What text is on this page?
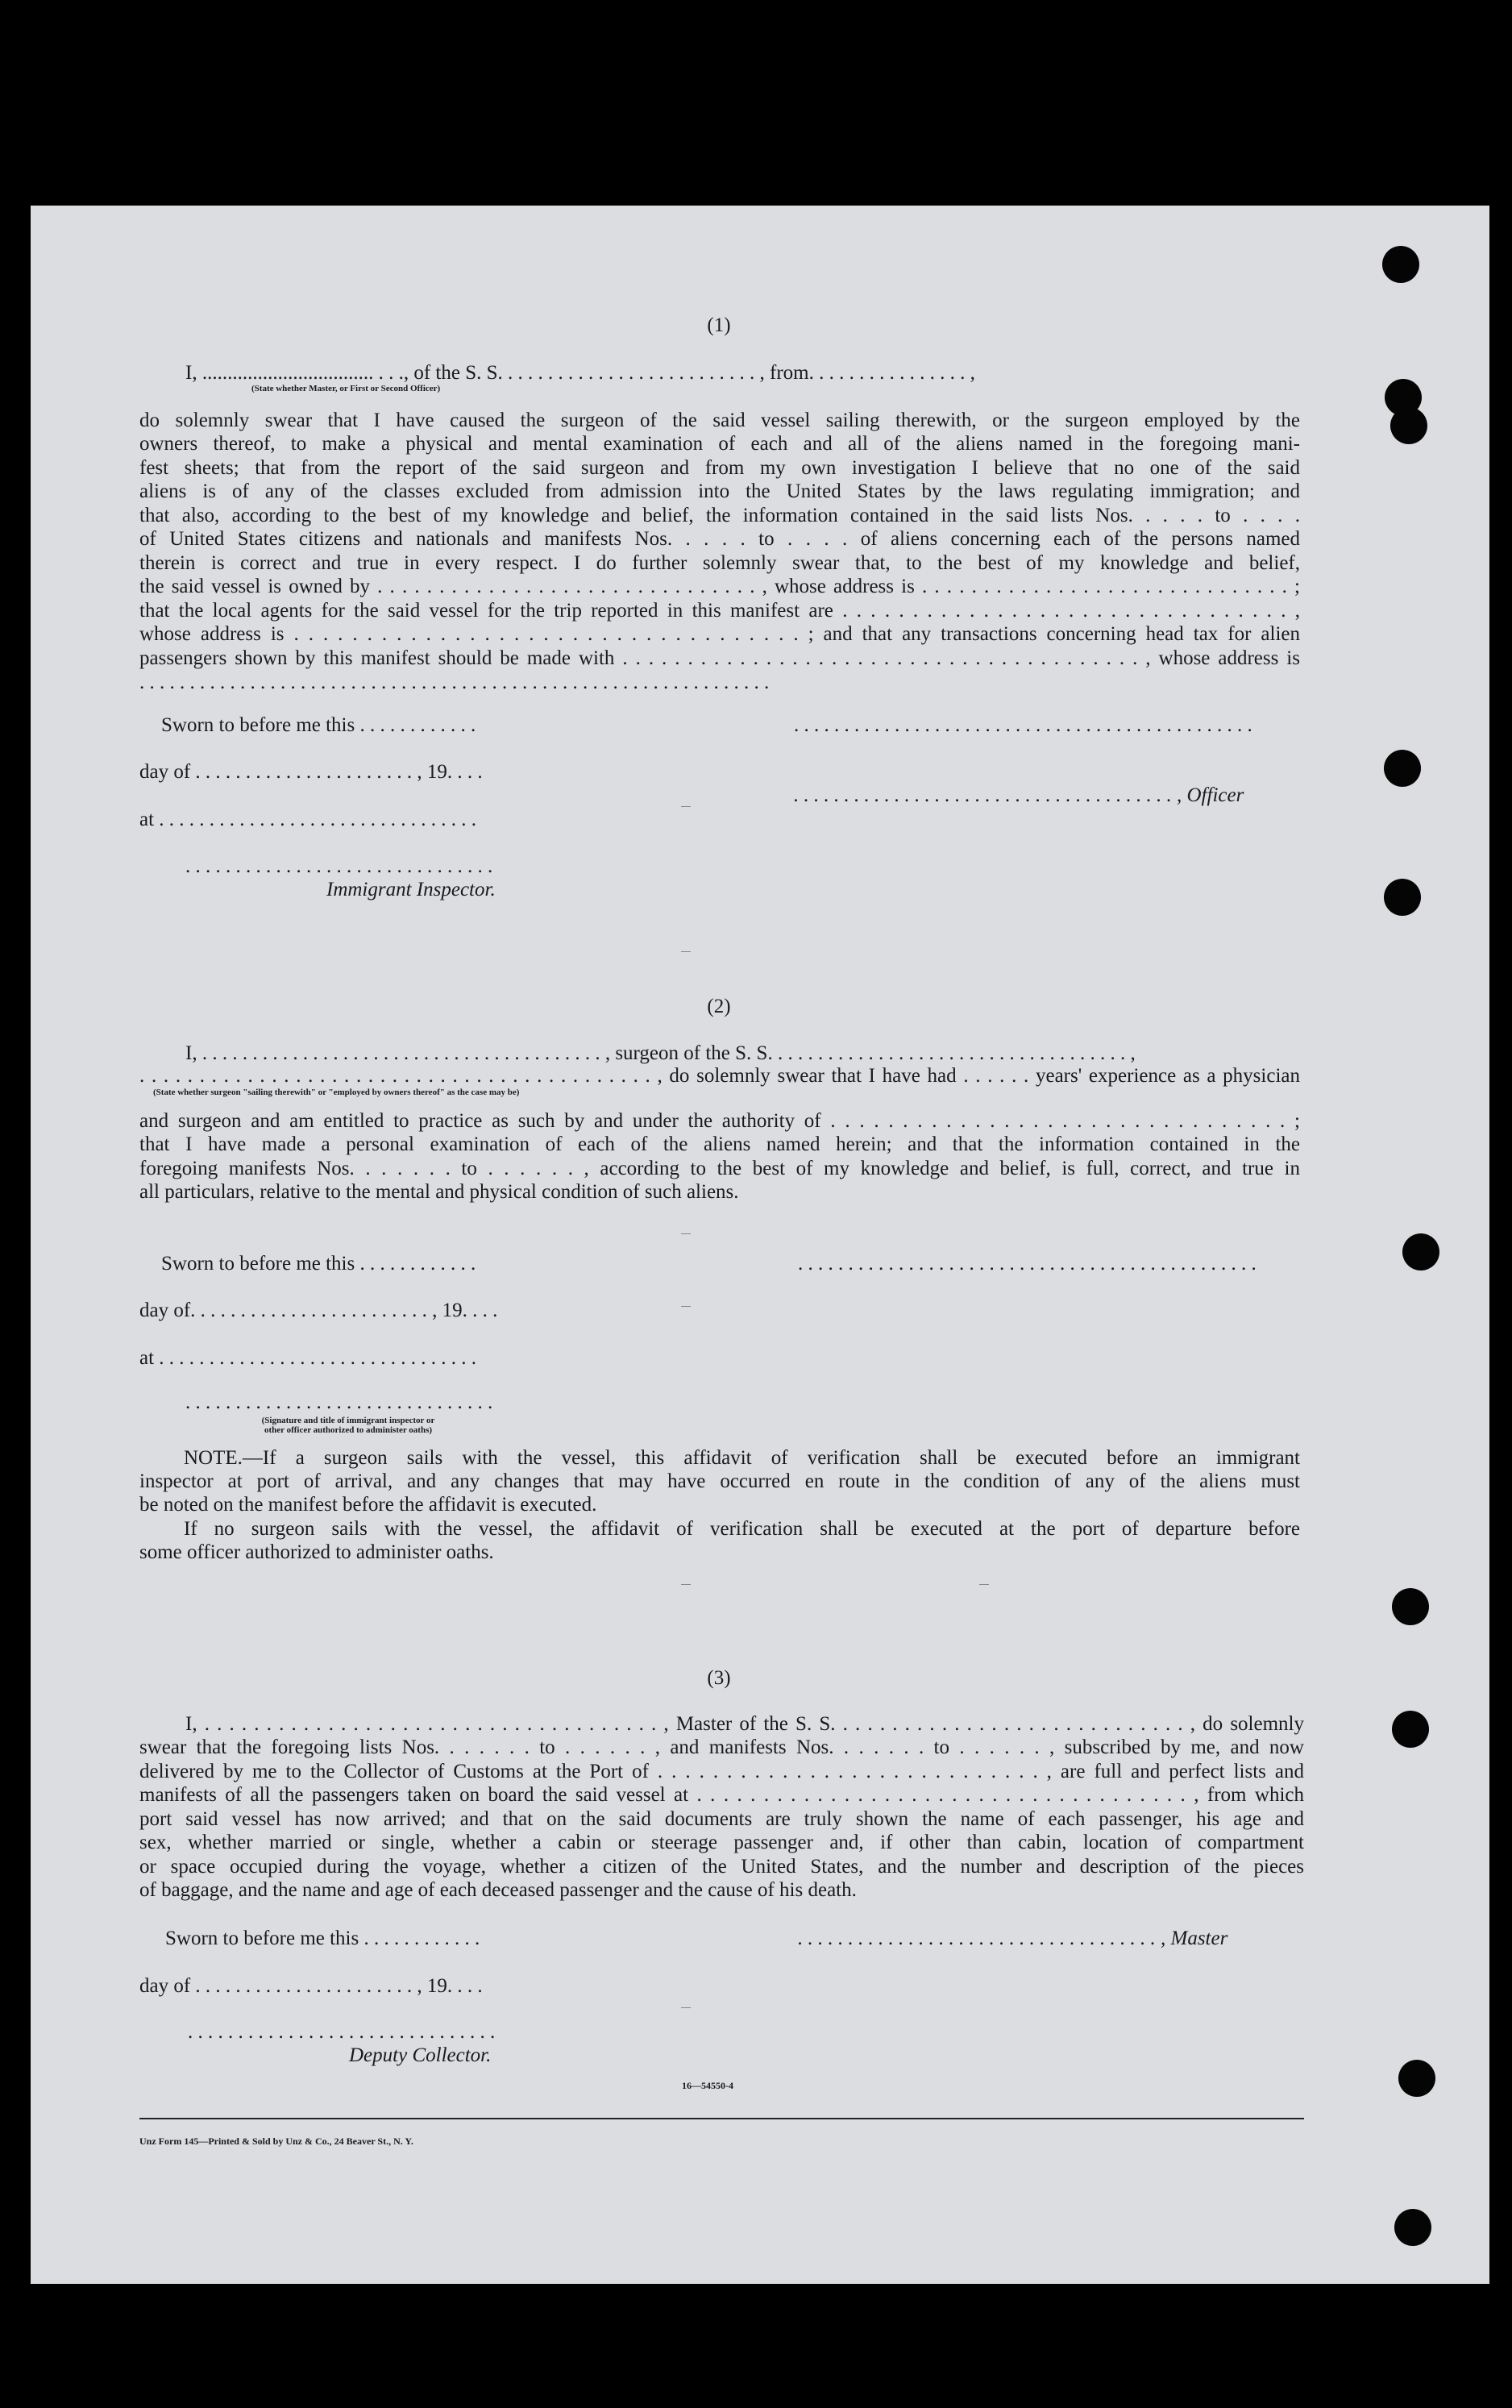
(1)
I, .................................. . . ., of the S. S. . . . . . . . . . . . . . . . . . . . . . . . . . , from. . . . . . . . . . . . . . . . ,
(State whether Master, or First or Second Officer)
do solemnly swear that I have caused the surgeon of the said vessel sailing therewith, or the surgeon employed by the
owners thereof, to make a physical and mental examination of each and all of the aliens named in the foregoing mani-
fest sheets; that from the report of the said surgeon and from my own investigation I believe that no one of the said
aliens is of any of the classes excluded from admission into the United States by the laws regulating immigration; and
that also, according to the best of my knowledge and belief, the information contained in the said lists Nos. . . . . to . . . .
of United States citizens and nationals and manifests Nos. . . . . to . . . . of aliens concerning each of the persons named
therein is correct and true in every respect. I do further solemnly swear that, to the best of my knowledge and belief,
the said vessel is owned by . . . . . . . . . . . . . . . . . . . . . . . . . . . . . . . , whose address is . . . . . . . . . . . . . . . . . . . . . . . . . . . . . . ;
that the local agents for the said vessel for the trip reported in this manifest are . . . . . . . . . . . . . . . . . . . . . . . . . . . . . . . . ,
whose address is . . . . . . . . . . . . . . . . . . . . . . . . . . . . . . . . . . . ; and that any transactions concerning head tax for alien
passengers shown by this manifest should be made with . . . . . . . . . . . . . . . . . . . . . . . . . . . . . . . . . . . . . . . . , whose address is
. . . . . . . . . . . . . . . . . . . . . . . . . . . . . . . . . . . . . . . . . . . . . . . . . . . . . . . . . . . . . . .
Sworn to before me this . . . . . . . . . . . .	. . . . . . . . . . . . . . . . . . . . . . . . . . . . . . . . . . . . . . . . . . . . . .
day of . . . . . . . . . . . . . . . . . . . . . . , 19. . . .
. . . . . . . . . . . . . . . . . . . . . . . . . . . . . . . . . . . . . . , Officer
at . . . . . . . . . . . . . . . . . . . . . . . . . . . . . . . .
. . . . . . . . . . . . . . . . . . . . . . . . . . . . . . .
Immigrant Inspector.
(2)
I, . . . . . . . . . . . . . . . . . . . . . . . . . . . . . . . . . . . . . . . . , surgeon of the S. S. . . . . . . . . . . . . . . . . . . . . . . . . . . . . . . . . . . . ,
. . . . . . . . . . . . . . . . . . . . . . . . . . . . . . . . . . . . . . . . . . . , do solemnly swear that I have had . . . . . . years' experience as a physician
(State whether surgeon "sailing therewith" or "employed by owners thereof" as the case may be)
and surgeon and am entitled to practice as such by and under the authority of . . . . . . . . . . . . . . . . . . . . . . . . . . . . . . . . ;
that I have made a personal examination of each of the aliens named herein; and that the information contained in the
foregoing manifests Nos. . . . . . . to . . . . . . , according to the best of my knowledge and belief, is full, correct, and true in
all particulars, relative to the mental and physical condition of such aliens.
Sworn to before me this . . . . . . . . . . . .	. . . . . . . . . . . . . . . . . . . . . . . . . . . . . . . . . . . . . . . . . . . . . .
day of. . . . . . . . . . . . . . . . . . . . . . . . , 19. . . .
at . . . . . . . . . . . . . . . . . . . . . . . . . . . . . . . .
. . . . . . . . . . . . . . . . . . . . . . . . . . . . . . .
(Signature and title of immigrant inspector or
other officer authorized to administer oaths)
NOTE.—If a surgeon sails with the vessel, this affidavit of verification shall be executed before an immigrant
inspector at port of arrival, and any changes that may have occurred en route in the condition of any of the aliens must
be noted on the manifest before the affidavit is executed.
If no surgeon sails with the vessel, the affidavit of verification shall be executed at the port of departure before
some officer authorized to administer oaths.
(3)
I, . . . . . . . . . . . . . . . . . . . . . . . . . . . . . . . . . . . . . , Master of the S. S. . . . . . . . . . . . . . . . . . . . . . . . . . . . . , do solemnly
swear that the foregoing lists Nos. . . . . . . to . . . . . . , and manifests Nos. . . . . . . to . . . . . . , subscribed by me, and now
delivered by me to the Collector of Customs at the Port of . . . . . . . . . . . . . . . . . . . . . . . . . . . . , are full and perfect lists and
manifests of all the passengers taken on board the said vessel at . . . . . . . . . . . . . . . . . . . . . . . . . . . . . . . . . . . . . , from which
port said vessel has now arrived; and that on the said documents are truly shown the name of each passenger, his age and
sex, whether married or single, whether a cabin or steerage passenger and, if other than cabin, location of compartment
or space occupied during the voyage, whether a citizen of the United States, and the number and description of the pieces
of baggage, and the name and age of each deceased passenger and the cause of his death.
Sworn to before me this . . . . . . . . . . . .	. . . . . . . . . . . . . . . . . . . . . . . . . . . . . . . . . . . . , Master
day of . . . . . . . . . . . . . . . . . . . . . . , 19. . . .
. . . . . . . . . . . . . . . . . . . . . . . . . . . . . . .
Deputy Collector.
16—54550-4
Unz Form 145—Printed & Sold by Unz & Co., 24 Beaver St., N. Y.
